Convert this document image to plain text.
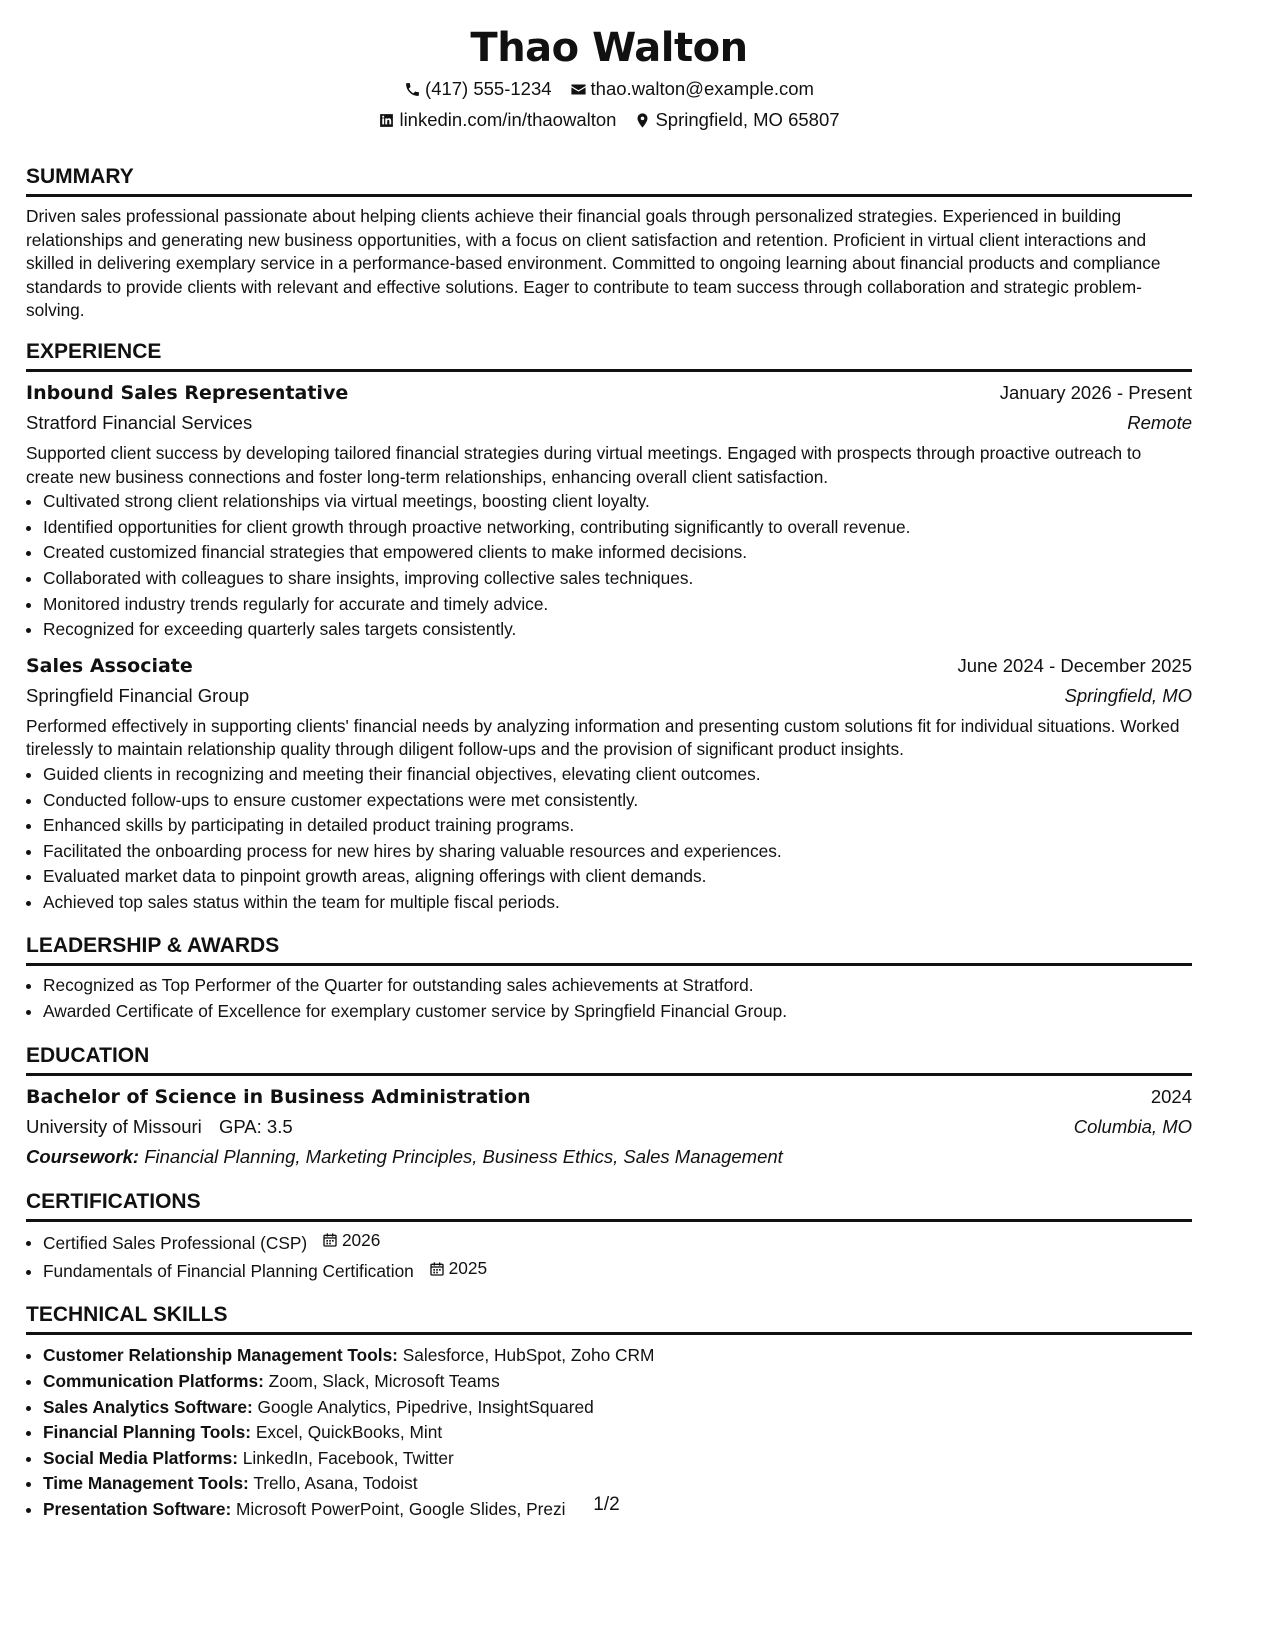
Thao Walton
(417) 555-1234 thao.walton@example.com
linkedin.com/in/thaowalton Springfield, MO 65807
SUMMARY

Driven sales professional passionate about helping clients achieve their financial goals through personalized strategies. Experienced in building relationships and generating new business opportunities, with a focus on client satisfaction and retention. Proficient in virtual client interactions and skilled in delivering exemplary service in a performance-based environment. Committed to ongoing learning about financial products and compliance standards to provide clients with relevant and effective solutions. Eager to contribute to team success through collaboration and strategic problem-solving.

EXPERIENCE
Inbound Sales Representative	January 2026 - Present
Stratford Financial Services	Remote

Supported client success by developing tailored financial strategies during virtual meetings. Engaged with prospects through proactive outreach to create new business connections and foster long-term relationships, enhancing overall client satisfaction.

• Cultivated strong client relationships via virtual meetings, boosting client loyalty.
• Identified opportunities for client growth through proactive networking, contributing significantly to overall revenue.
• Created customized financial strategies that empowered clients to make informed decisions.
• Collaborated with colleagues to share insights, improving collective sales techniques.
• Monitored industry trends regularly for accurate and timely advice.
• Recognized for exceeding quarterly sales targets consistently.
Sales Associate	June 2024 - December 2025
Springfield Financial Group	Springfield, MO

Performed effectively in supporting clients' financial needs by analyzing information and presenting custom solutions fit for individual situations. Worked tirelessly to maintain relationship quality through diligent follow-ups and the provision of significant product insights.

• Guided clients in recognizing and meeting their financial objectives, elevating client outcomes.
• Conducted follow-ups to ensure customer expectations were met consistently.
• Enhanced skills by participating in detailed product training programs.
• Facilitated the onboarding process for new hires by sharing valuable resources and experiences.
• Evaluated market data to pinpoint growth areas, aligning offerings with client demands.
• Achieved top sales status within the team for multiple fiscal periods.
LEADERSHIP & AWARDS
• Recognized as Top Performer of the Quarter for outstanding sales achievements at Stratford.
• Awarded Certificate of Excellence for exemplary customer service by Springfield Financial Group.
EDUCATION
Bachelor of Science in Business Administration	2024
University of Missouri GPA: 3.5	Columbia, MO
Coursework: Financial Planning, Marketing Principles, Business Ethics, Sales Management
CERTIFICATIONS
• Certified Sales Professional (CSP) 2026
• Fundamentals of Financial Planning Certification 2025
TECHNICAL SKILLS
• Customer Relationship Management Tools: Salesforce, HubSpot, Zoho CRM
• Communication Platforms: Zoom, Slack, Microsoft Teams
• Sales Analytics Software: Google Analytics, Pipedrive, InsightSquared
• Financial Planning Tools: Excel, QuickBooks, Mint
• Social Media Platforms: LinkedIn, Facebook, Twitter
• Time Management Tools: Trello, Asana, Todoist
• Presentation Software: Microsoft PowerPoint, Google Slides, Prezi	1/2
